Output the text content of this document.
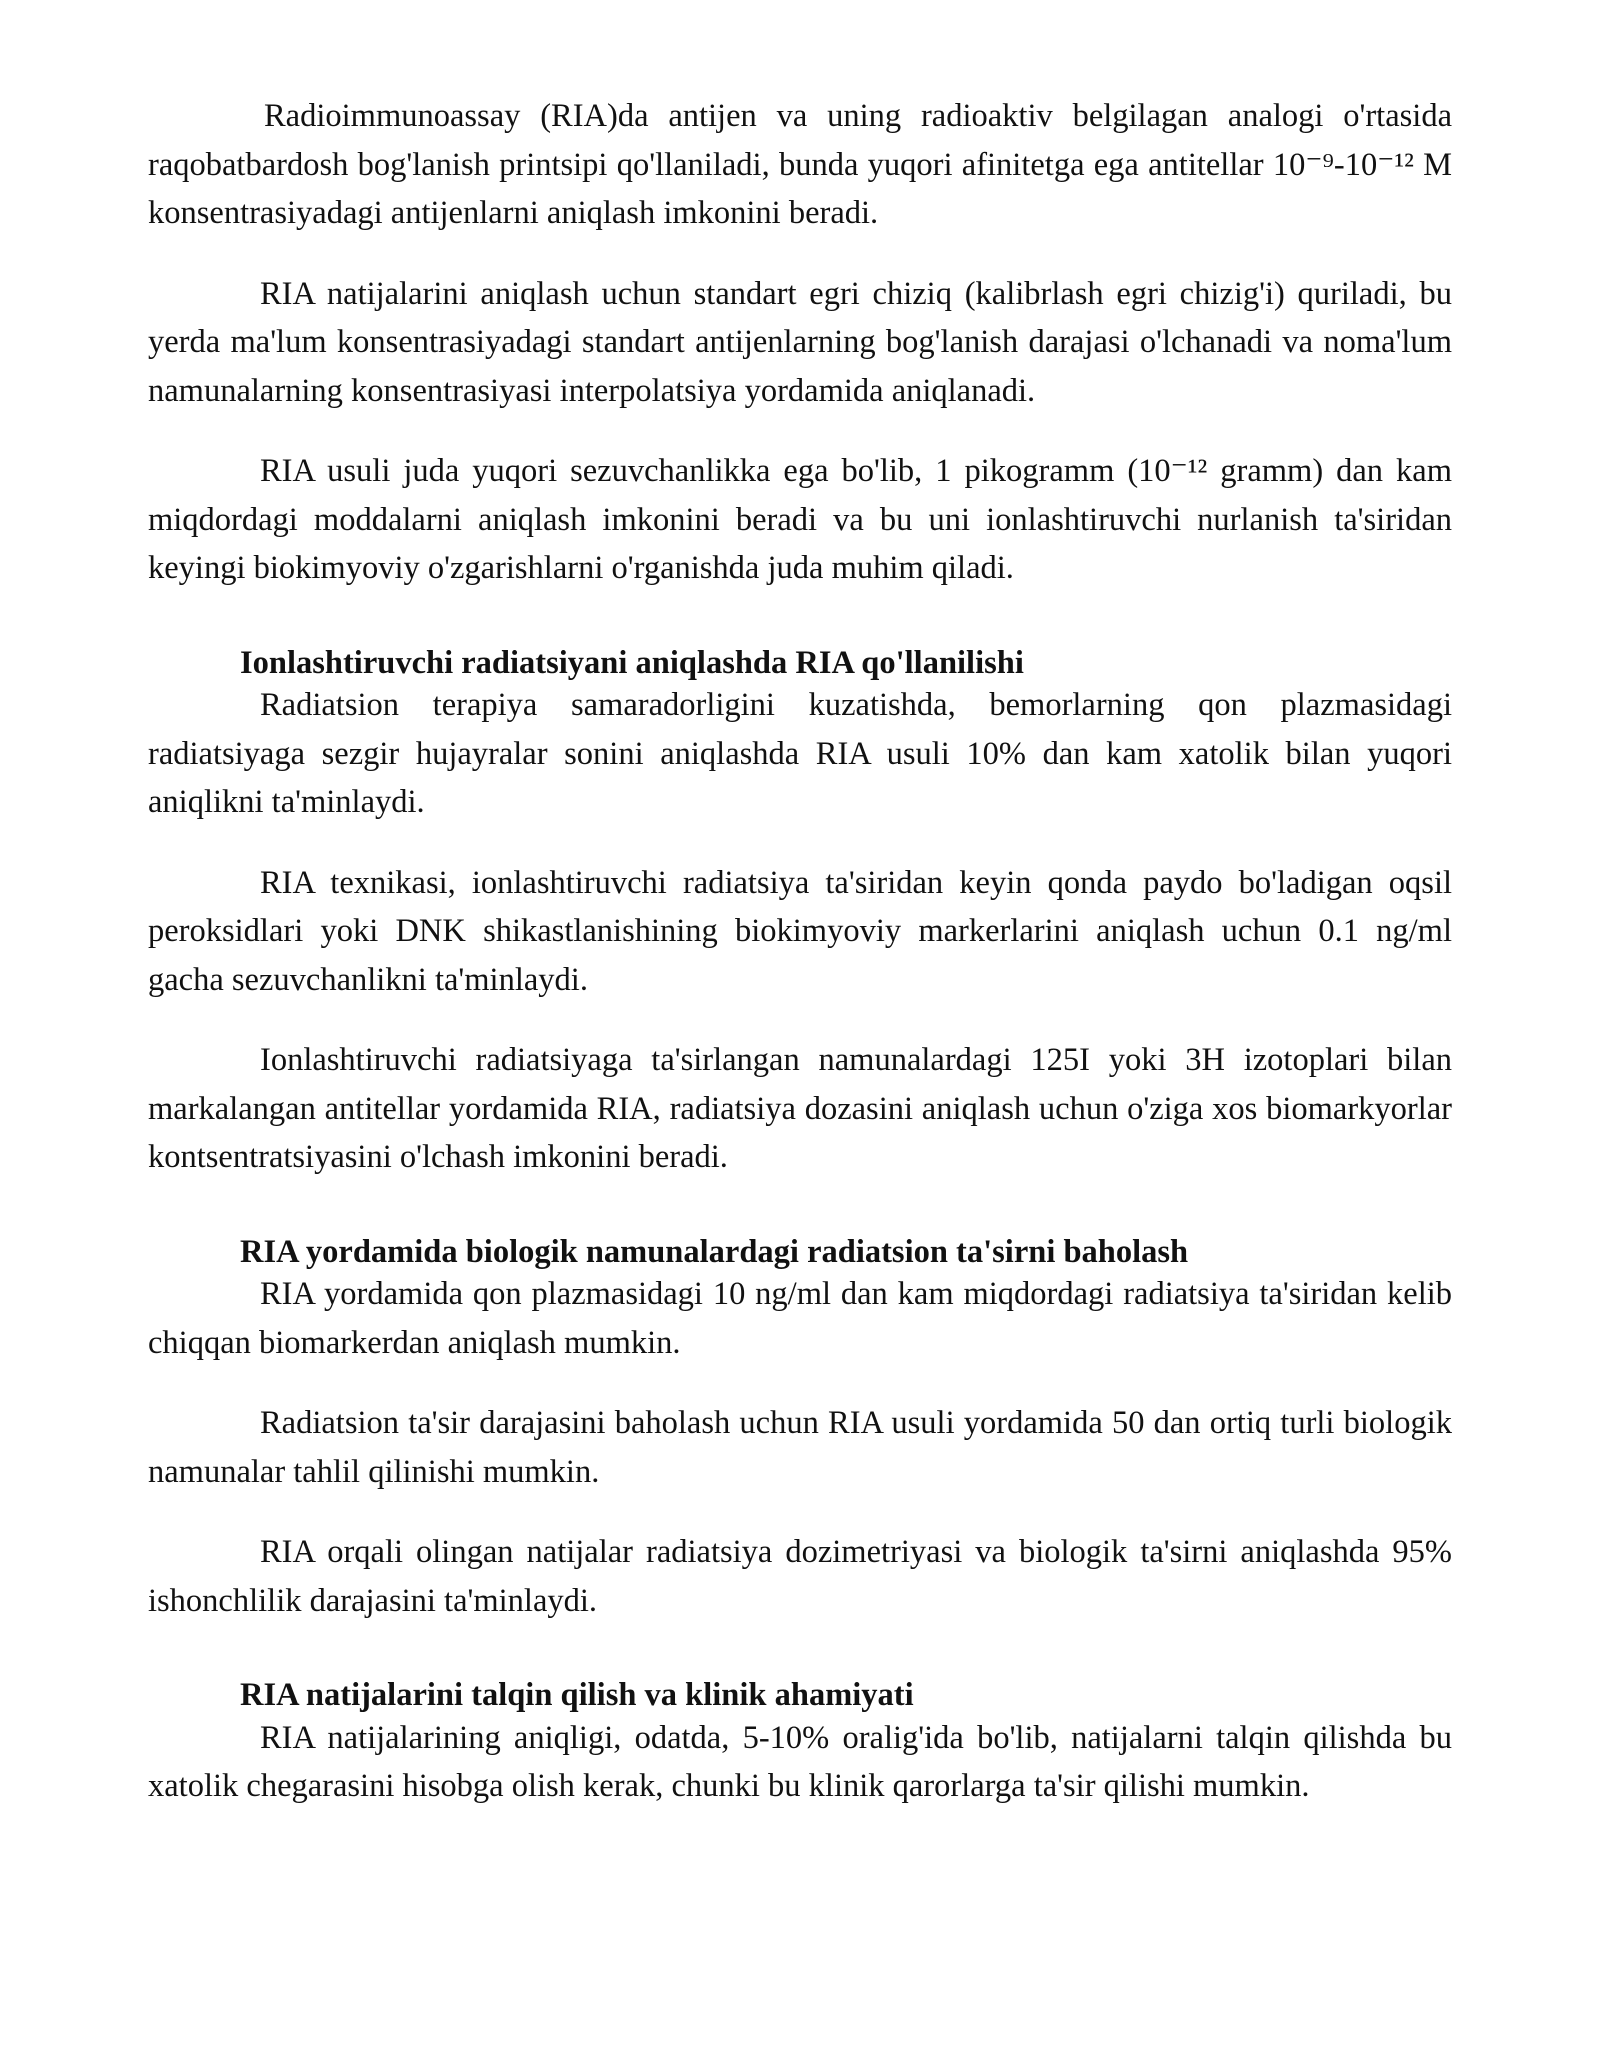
Radioimmunoassay (RIA)da antijen va uning radioaktiv belgilagan analogi o'rtasida raqobatbardosh bog'lanish printsipi qo'llaniladi, bunda yuqori afinitetga ega antitellar 10⁻⁹-10⁻¹² M konsentrasiyadagi antijenlarni aniqlash imkonini beradi.

RIA natijalarini aniqlash uchun standart egri chiziq (kalibrlash egri chizig'i) quriladi, bu yerda ma'lum konsentrasiyadagi standart antijenlarning bog'lanish darajasi o'lchanadi va noma'lum namunalarning konsentrasiyasi interpolatsiya yordamida aniqlanadi.

RIA usuli juda yuqori sezuvchanlikka ega bo'lib, 1 pikogramm (10⁻¹² gramm) dan kam miqdordagi moddalarni aniqlash imkonini beradi va bu uni ionlashtiruvchi nurlanish ta'siridan keyingi biokimyoviy o'zgarishlarni o'rganishda juda muhim qiladi.

Ionlashtiruvchi radiatsiyani aniqlashda RIA qo'llanilishi

Radiatsion terapiya samaradorligini kuzatishda, bemorlarning qon plazmasidagi radiatsiyaga sezgir hujayralar sonini aniqlashda RIA usuli 10% dan kam xatolik bilan yuqori aniqlikni ta'minlaydi.

RIA texnikasi, ionlashtiruvchi radiatsiya ta'siridan keyin qonda paydo bo'ladigan oqsil peroksidlari yoki DNK shikastlanishining biokimyoviy markerlarini aniqlash uchun 0.1 ng/ml gacha sezuvchanlikni ta'minlaydi.

Ionlashtiruvchi radiatsiyaga ta'sirlangan namunalardagi 125I yoki 3H izotoplari bilan markalangan antitellar yordamida RIA, radiatsiya dozasini aniqlash uchun o'ziga xos biomarkyorlar kontsentratsiyasini o'lchash imkonini beradi.

RIA yordamida biologik namunalardagi radiatsion ta'sirni baholash

RIA yordamida qon plazmasidagi 10 ng/ml dan kam miqdordagi radiatsiya ta'siridan kelib chiqqan biomarkerdan aniqlash mumkin.

Radiatsion ta'sir darajasini baholash uchun RIA usuli yordamida 50 dan ortiq turli biologik namunalar tahlil qilinishi mumkin.

RIA orqali olingan natijalar radiatsiya dozimetriyasi va biologik ta'sirni aniqlashda 95% ishonchlilik darajasini ta'minlaydi.

RIA natijalarini talqin qilish va klinik ahamiyati

RIA natijalarining aniqligi, odatda, 5-10% oralig'ida bo'lib, natijalarni talqin qilishda bu xatolik chegarasini hisobga olish kerak, chunki bu klinik qarorlarga ta'sir qilishi mumkin.
